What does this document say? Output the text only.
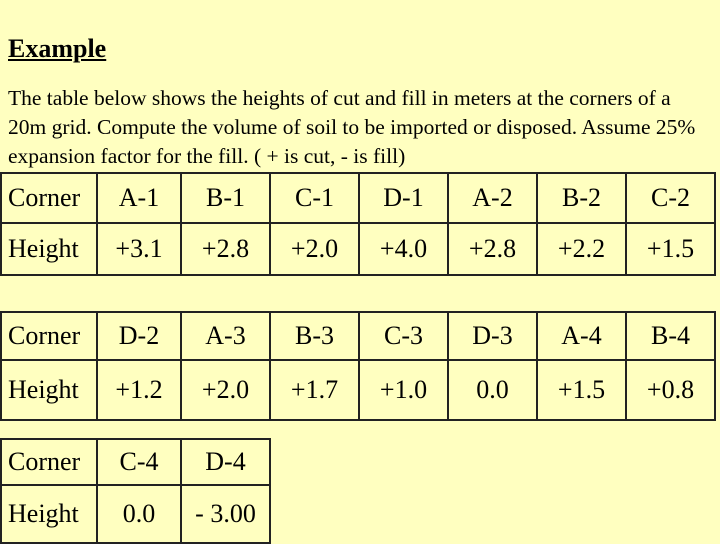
Example

The table below shows the heights of cut and fill in meters at the corners of a 20m grid. Compute the volume of soil to be imported or disposed. Assume 25% expansion factor for the fill. ( + is cut, - is fill)

Corner	A-1	B-1	C-1	D-1	A-2	B-2	C-2
Height	+3.1	+2.8	+2.0	+4.0	+2.8	+2.2	+1.5
Corner	D-2	A-3	B-3	C-3	D-3	A-4	B-4
Height	+1.2	+2.0	+1.7	+1.0	0.0	+1.5	+0.8
Corner	C-4	D-4
Height	0.0	- 3.00
